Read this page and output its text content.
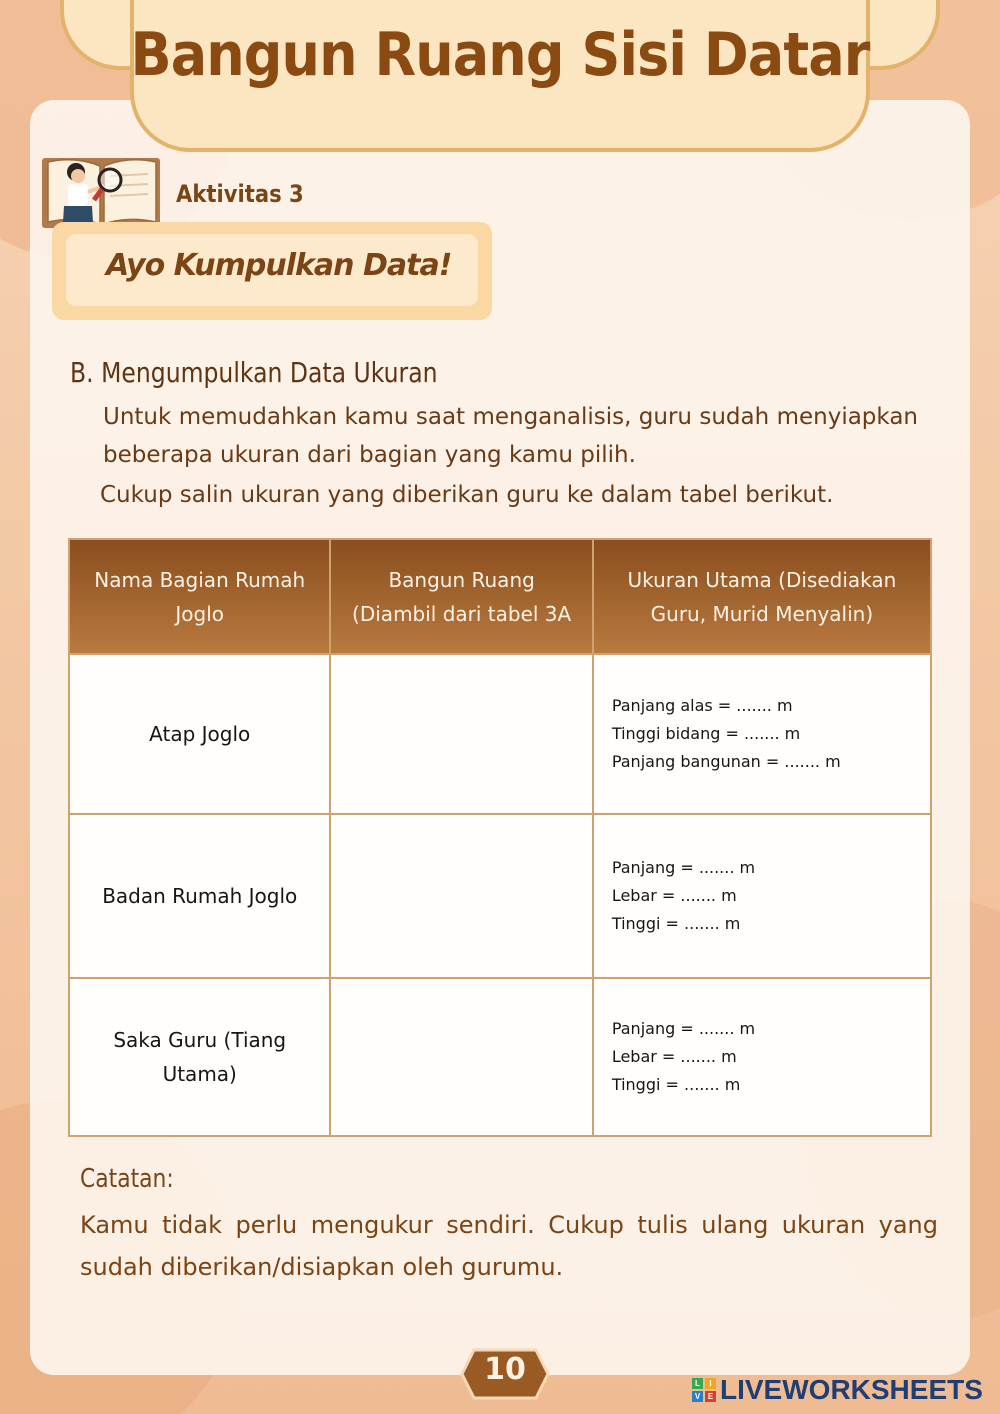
Bangun Ruang Sisi Datar
Aktivitas 3
Ayo Kumpulkan Data!
B. Mengumpulkan Data Ukuran

Untuk memudahkan kamu saat menganalisis, guru sudah menyiapkan beberapa ukuran dari bagian yang kamu pilih.

Cukup salin ukuran yang diberikan guru ke dalam tabel berikut.

Nama Bagian Rumah Joglo	Bangun Ruang (Diambil dari tabel 3A	Ukuran Utama (Disediakan Guru, Murid Menyalin)
Atap Joglo		Panjang alas = ....... m
Tinggi bidang = ....... m
Panjang bangunan = ....... m

Badan Rumah Joglo		Panjang = ....... m
Lebar = ....... m
Tinggi = ....... m

Saka Guru (Tiang Utama)		Panjang = ....... m
Lebar = ....... m
Tinggi = ....... m
Catatan:

Kamu tidak perlu mengukur sendiri. Cukup tulis ulang ukuran yang sudah diberikan/disiapkan oleh gurumu.

10	L	I
V E LIVEWORKSHEETS
